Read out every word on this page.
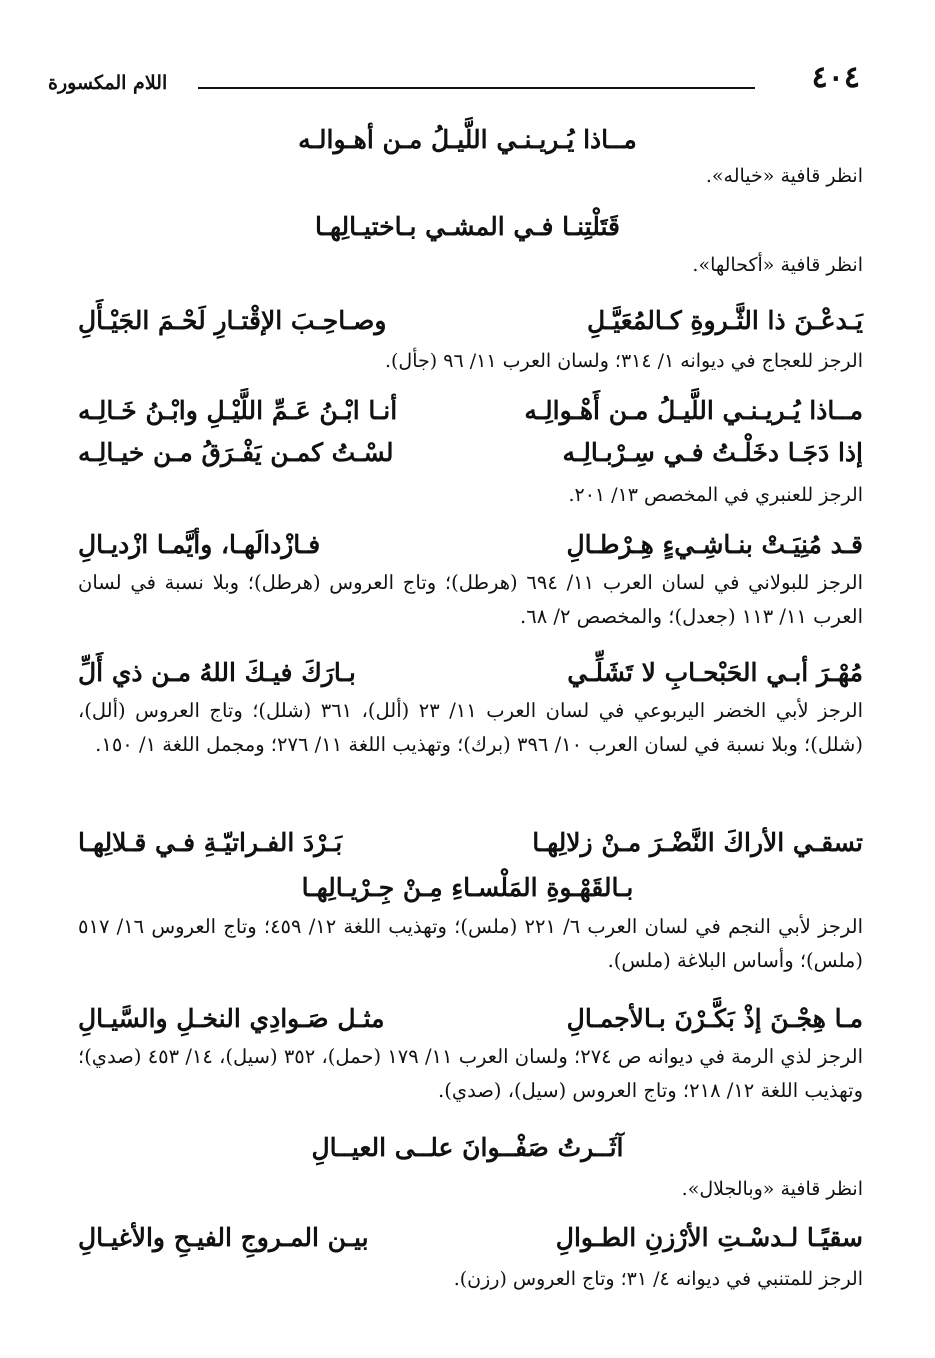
٤٠٤
اللام المكسورة
مــاذا يُـريـنـي اللَّيـلُ مـن أهـوالـه
انظر قافية «خياله».
قَتَلْتِنـا فـي المشـي بـاختيـالِهـا
انظر قافية «أكحالها».
يَـدعْـنَ ذا الثَّـروةِ كـالمُعَيَّـلِ
وصـاحِـبَ الإقْتـارِ لَحْـمَ الجَيْـأَلِ
الرجز للعجاج في ديوانه ١/ ٣١٤؛ ولسان العرب ١١/ ٩٦ (جأل).
مــاذا يُـريـنـي اللَّيـلُ مـن أَهْـوالِـه
أنـا ابْـنُ عَـمِّ اللَّيْـلِ وابْـنُ خَـالِـه
إذا دَجَـا دخَلْـتُ فـي سِـرْبـالِـه
لسْـتُ كمـن يَفْـرَقُ مـن خيـالِـه
الرجز للعنبري في المخصص ١٣/ ٢٠١.
قـد مُنِيَـتْ بنـاشِـيءٍ هِـرْطـالِ
فـازْدالَهـا، وأيَّمـا ازْديـالِ
الرجز للبولاني في لسان العرب ١١/ ٦٩٤ (هرطل)؛ وتاج العروس (هرطل)؛ وبلا نسبة في لسان العرب ١١/ ١١٣ (جعدل)؛ والمخصص ٢/ ٦٨.
مُهْـرَ أبـي الحَبْحـابِ لا تَشَلِّـي
بـارَكَ فيـكَ اللهُ مـن ذي أَلِّ
الرجز لأبي الخضر اليربوعي في لسان العرب ١١/ ٢٣ (ألل)، ٣٦١ (شلل)؛ وتاج العروس (ألل)، (شلل)؛ وبلا نسبة في لسان العرب ١٠/ ٣٩٦ (برك)؛ وتهذيب اللغة ١١/ ٢٧٦؛ ومجمل اللغة ١/ ١٥٠.
تسقـي الأراكَ النَّضْـرَ مـنْ زلالِهـا
بَـرْدَ الفـراتيّـةِ فـي قـلالِهـا
بـالقَهْـوةِ المَلْسـاءِ مِـنْ جِـرْيـالِهـا
الرجز لأبي النجم في لسان العرب ٦/ ٢٢١ (ملس)؛ وتهذيب اللغة ١٢/ ٤٥٩؛ وتاج العروس ١٦/ ٥١٧ (ملس)؛ وأساس البلاغة (ملس).
مـا هِجْـنَ إذْ بَكَّـرْنَ بـالأجمـالِ
مثـل صَـوادِي النخـلِ والسَّيـالِ
الرجز لذي الرمة في ديوانه ص ٢٧٤؛ ولسان العرب ١١/ ١٧٩ (حمل)، ٣٥٢ (سيل)، ١٤/ ٤٥٣ (صدي)؛ وتهذيب اللغة ١٢/ ٢١٨؛ وتاج العروس (سيل)، (صدي).
آثَــرتُ صَفْــوانَ علــى العيــالِ
انظر قافية «وبالجلال».
سقيًـا لـدسْـتِ الأرْزنِ الطـوالِ
بيـن المـروجِ الفيـحِ والأغيـالِ
الرجز للمتنبي في ديوانه ٤/ ٣١؛ وتاج العروس (رزن).
